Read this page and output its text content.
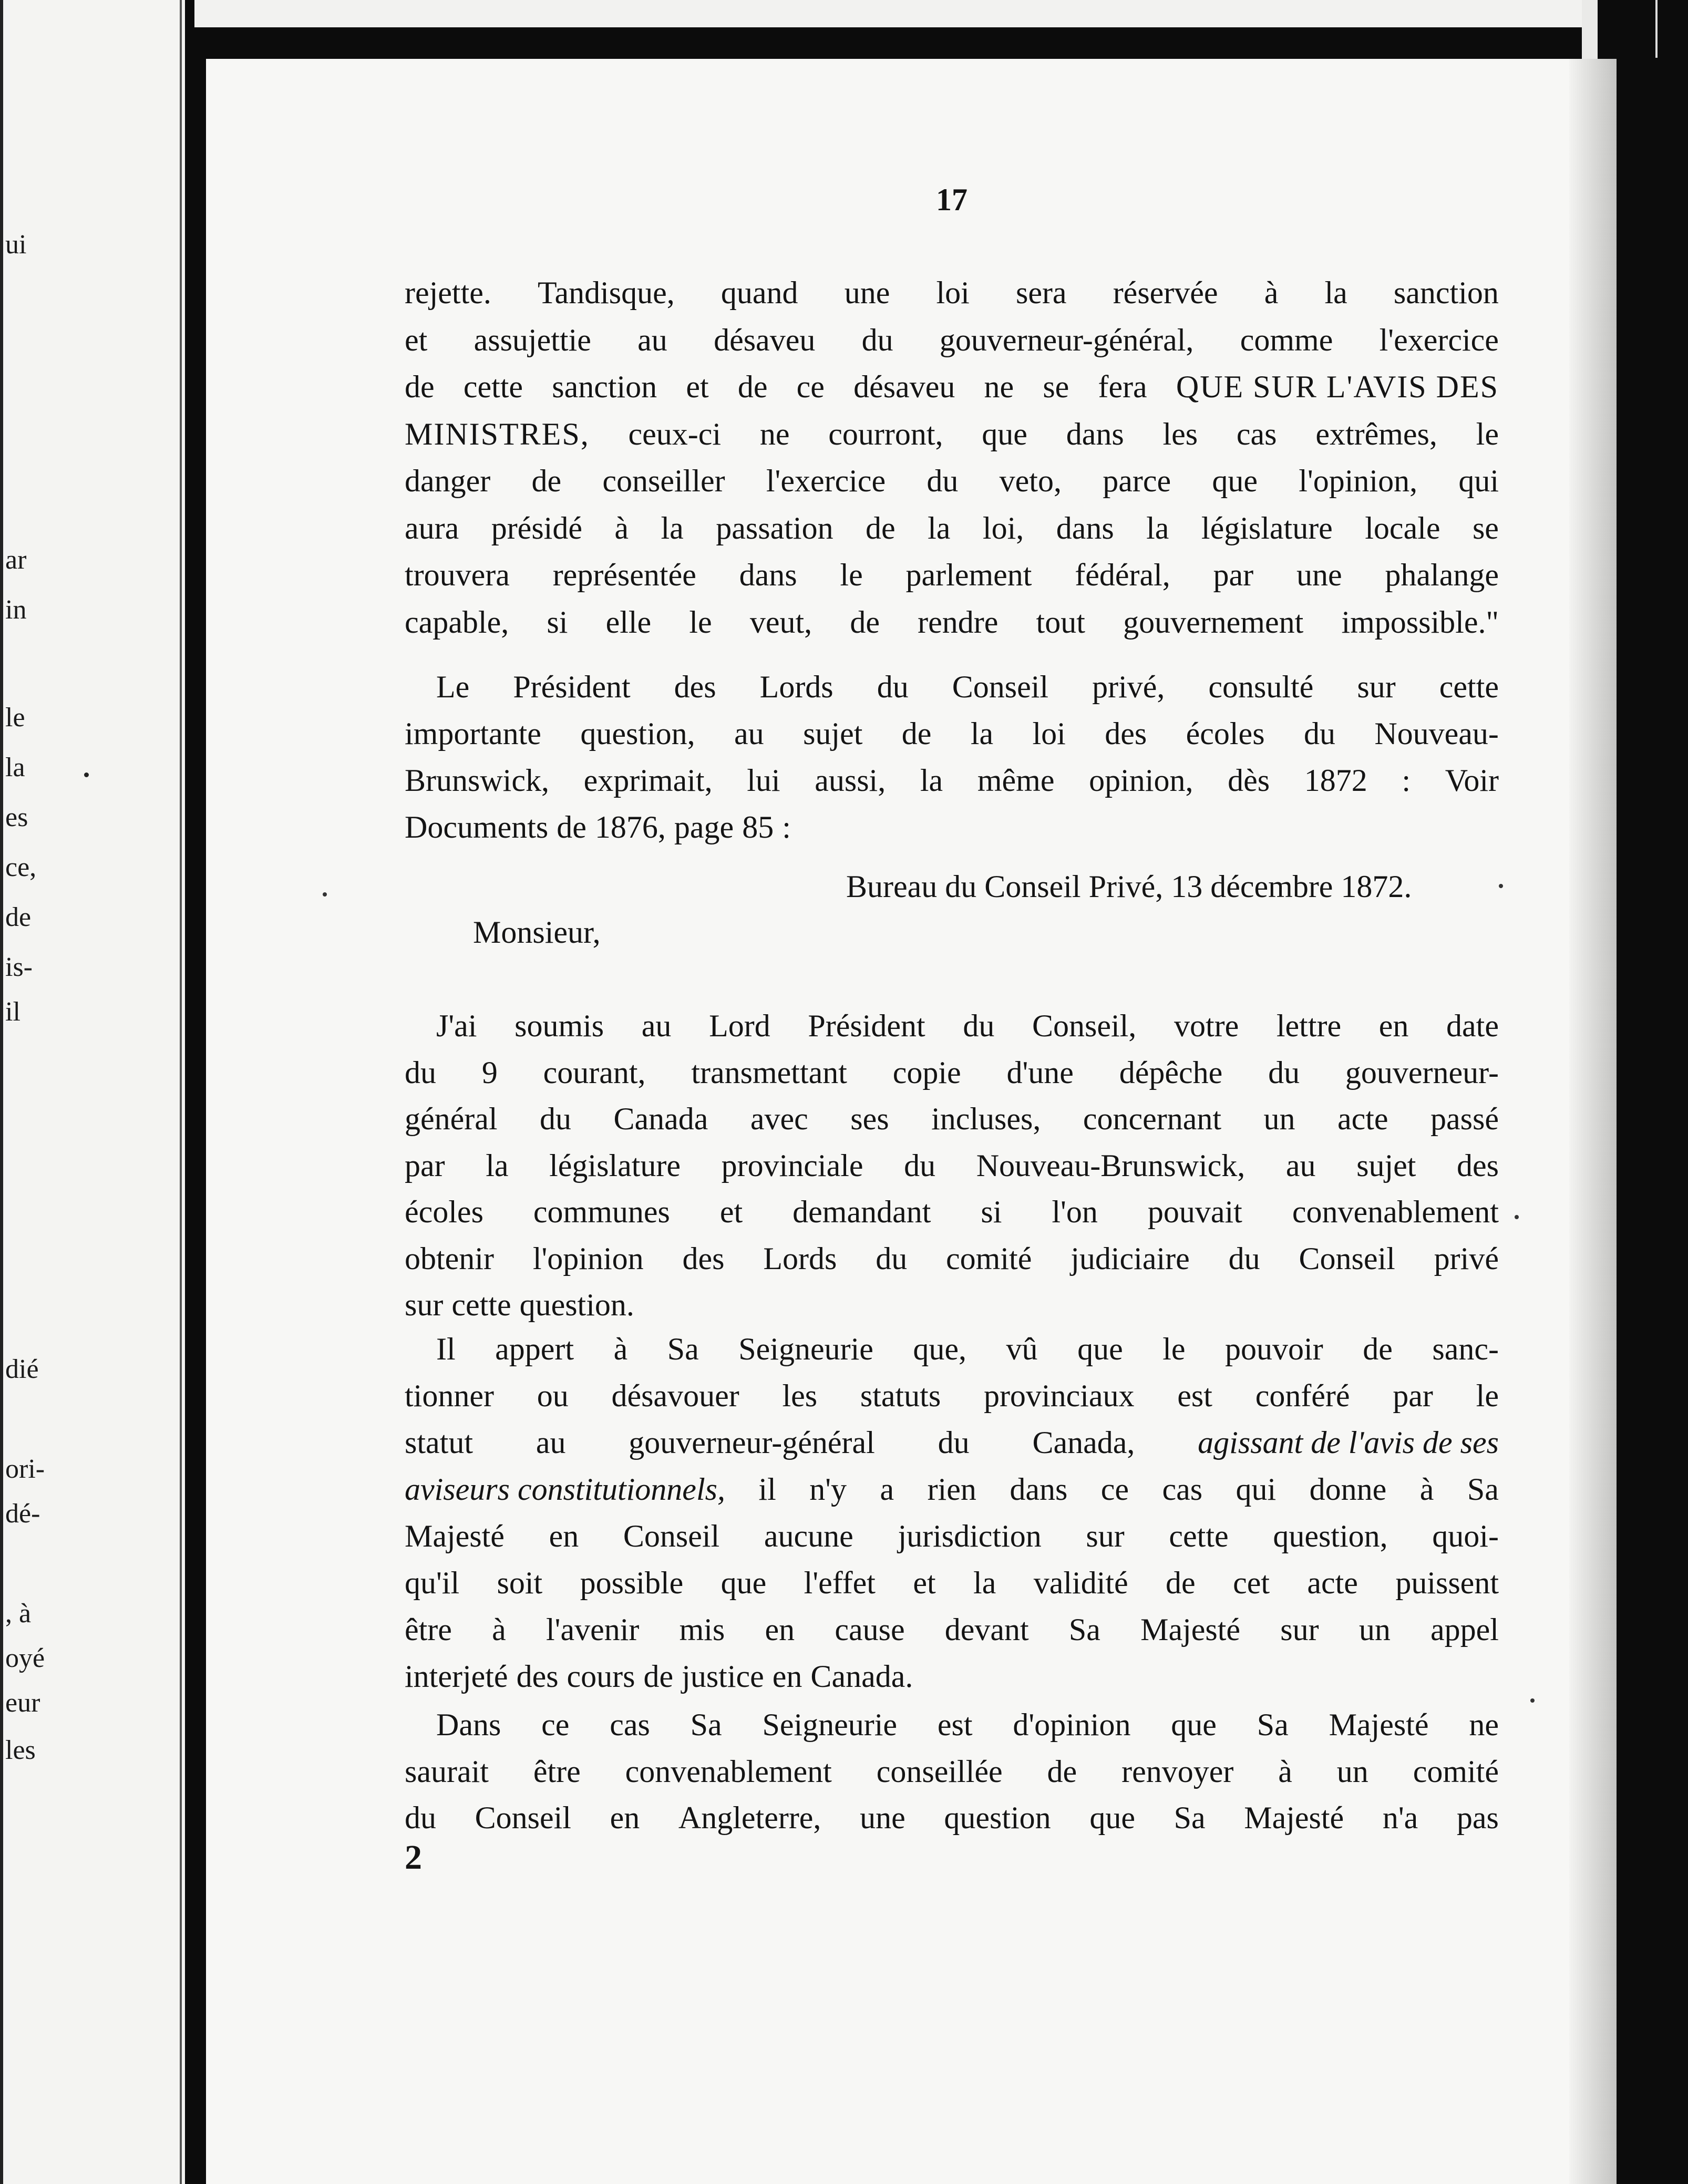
ui
ar
in
le
la
es
ce,
de
is-
il
dié
ori-
dé-
, à
oyé
eur
les
17
rejette. Tandisque, quand une loi sera réservée à la sanction
et assujettie au désaveu du gouverneur-général, comme l'exercice
de cette sanction et de ce désaveu ne se fera QUE SUR L'AVIS DES
MINISTRES, ceux-ci ne courront, que dans les cas extrêmes, le
danger de conseiller l'exercice du veto, parce que l'opinion, qui
aura présidé à la passation de la loi, dans la législature locale se
trouvera représentée dans le parlement fédéral, par une phalange
capable, si elle le veut, de rendre tout gouvernement impossible."
Le Président des Lords du Conseil privé, consulté sur cette
importante question, au sujet de la loi des écoles du Nouveau-
Brunswick, exprimait, lui aussi, la même opinion, dès 1872 : Voir
Documents de 1876, page 85 :
J'ai soumis au Lord Président du Conseil, votre lettre en date
du 9 courant, transmettant copie d'une dépêche du gouverneur-
général du Canada avec ses incluses, concernant un acte passé
par la législature provinciale du Nouveau-Brunswick, au sujet des
écoles communes et demandant si l'on pouvait convenablement
obtenir l'opinion des Lords du comité judiciaire du Conseil privé
sur cette question.
Il appert à Sa Seigneurie que, vû que le pouvoir de sanc-
tionner ou désavouer les statuts provinciaux est conféré par le
statut au gouverneur-général du Canada, agissant de l'avis de ses
aviseurs constitutionnels, il n'y a rien dans ce cas qui donne à Sa
Majesté en Conseil aucune jurisdiction sur cette question, quoi-
qu'il soit possible que l'effet et la validité de cet acte puissent
être à l'avenir mis en cause devant Sa Majesté sur un appel
interjeté des cours de justice en Canada.
Dans ce cas Sa Seigneurie est d'opinion que Sa Majesté ne
saurait être convenablement conseillée de renvoyer à un comité
du Conseil en Angleterre, une question que Sa Majesté n'a pas
Bureau du Conseil Privé, 13 décembre 1872.
Monsieur,
2
